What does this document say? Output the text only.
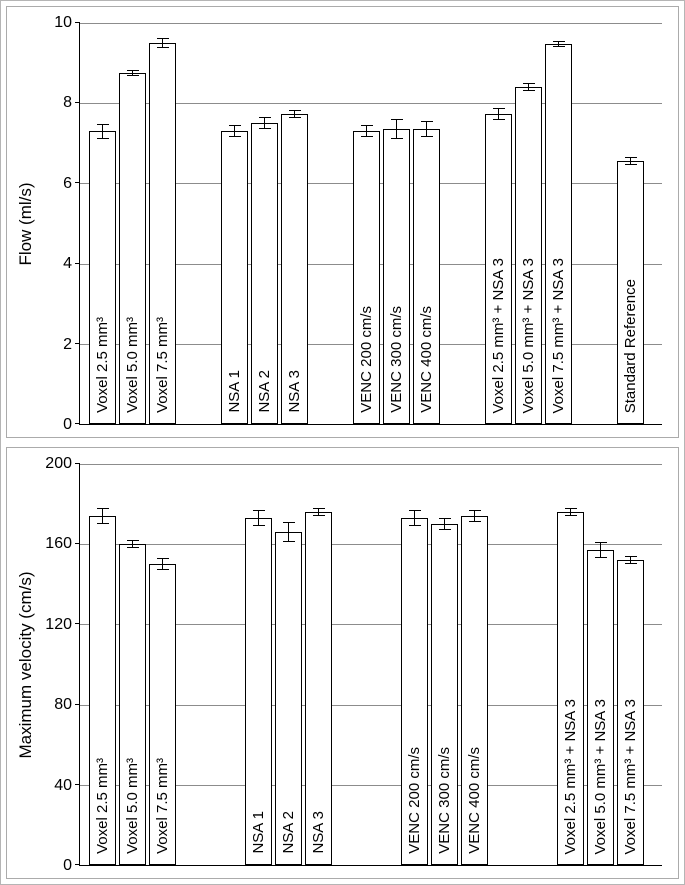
Flow (ml/s)
0
2
4
6
8
10
Voxel 2.5 mm³ Voxel 5.0 mm³ Voxel 7.5 mm³	NSA 1 NSA 2 NSA 3	VENC 200 cm/s VENC 300 cm/s VENC 400 cm/s	Voxel 2.5 mm³ + NSA 3 Voxel 5.0 mm³ + NSA 3 Voxel 7.5 mm³ + NSA 3	Standard Reference
Maximum velocity (cm/s)
0
40
80
120
160
200
Voxel 2.5 mm³ Voxel 5.0 mm³ Voxel 7.5 mm³	NSA 1 NSA 2 NSA 3	VENC 200 cm/s VENC 300 cm/s VENC 400 cm/s	Voxel 2.5 mm³ + NSA 3 Voxel 5.0 mm³ + NSA 3 Voxel 7.5 mm³ + NSA 3
